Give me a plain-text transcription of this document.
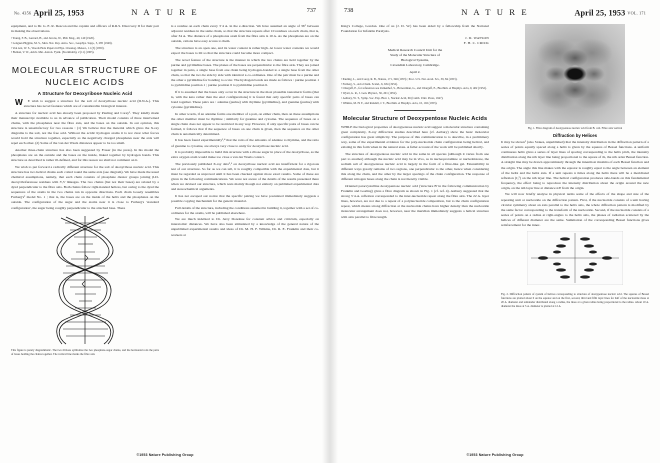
No. 4356 April 25, 1953	N A T U R E	737

equipment, and to Dr. G. E. R. Deacon and the captain and officers of R.R.S. Discovery II for their part in making the observations.

¹ Young, F. B., Gerrard, H., and Jevons, W., Phil. Mag., 40, 149 (1920).

² Longuet-Higgins, M. S., Mon. Not. Roy. Astro. Soc., Geophys. Supp., 5, 285 (1949).

³ Von Arx, W. S., Woods Hole Papers in Phys. Oceanog. Meteor., 11 (3) (1950).

⁴ Ekman, V. W., Arkiv. Mat. Astron. Fysik. (Stockholm), 2 (11) (1905).

MOLECULAR STRUCTURE OF NUCLEIC ACIDS
A Structure for Deoxyribose Nucleic Acid

W E wish to suggest a structure for the salt of deoxyribose nucleic acid (D.N.A.). This structure has novel features which are of considerable biological interest.

A structure for nucleic acid has already been proposed by Pauling and Corey¹. They kindly made their manuscript available to us in advance of publication. Their model consists of three intertwined chains, with the phosphates near the fibre axis, and the bases on the outside. In our opinion, this structure is unsatisfactory for two reasons : (1) We believe that the material which gives the X-ray diagrams is the salt, not the free acid. Without the acidic hydrogen atoms it is not clear what forces would hold the structure together, especially as the negatively charged phosphates near the axis will repel each other. (2) Some of the van der Waals distances appear to be too small.

Another three-chain structure has also been suggested by Fraser (in the press). In his model the phosphates are on the outside and the bases on the inside, linked together by hydrogen bonds. This structure as described is rather ill-defined, and for this reason we shall not comment on it.

We wish to put forward a radically different structure for the salt of deoxyribose nucleic acid. This structure has two helical chains each coiled round the same axis (see diagram). We have made the usual chemical assumptions, namely, that each chain consists of phosphate diester groups joining β-D-deoxyribofuranose residues with 3',5' linkages. The two chains (but not their bases) are related by a dyad perpendicular to the fibre axis. Both chains follow right-handed helices, but owing to the dyad the sequences of the atoms in the two chains run in opposite directions. Each chain loosely resembles Furberg's² model No. 1 ; that is, the bases are on the inside of the helix and the phosphates on the outside. The configuration of the sugar and the atoms near it is close to Furberg's 'standard configuration', the sugar being roughly perpendicular to the attached base. There

This figure is purely diagrammatic. The two ribbons symbolize the two phosphate-sugar chains, and the horizontal rods the pairs of bases holding the chains together. The vertical line marks the fibre axis

is a residue on each chain every 3·4 A. in the z-direction. We have assumed an angle of 36° between adjacent residues in the same chain, so that the structure repeats after 10 residues on each chain, that is, after 34 A. The distance of a phosphorus atom from the fibre axis is 10 A. As the phosphates are on the outside, cations have easy access to them.

The structure is an open one, and its water content is rather high. At lower water contents we would expect the bases to tilt so that the structure could become more compact.

The novel feature of the structure is the manner in which the two chains are held together by the purine and pyrimidine bases. The planes of the bases are perpendicular to the fibre axis. They are joined together in pairs, a single base from one chain being hydrogen-bonded to a single base from the other chain, so that the two lie side by side with identical z-co-ordinates. One of the pair must be a purine and the other a pyrimidine for bonding to occur. The hydrogen bonds are made as follows : purine position 1 to pyrimidine position 1 ; purine position 6 to pyrimidine position 6.

If it is assumed that the bases only occur in the structure in the most plausible tautomeric forms (that is, with the keto rather than the enol configurations) it is found that only specific pairs of bases can bond together. These pairs are : adenine (purine) with thymine (pyrimidine), and guanine (purine) with cytosine (pyrimidine).

In other words, if an adenine forms one member of a pair, on either chain, then on these assumptions the other member must be thymine ; similarly for guanine and cytosine. The sequence of bases on a single chain does not appear to be restricted in any way. However, if only specific pairs of bases can be formed, it follows that if the sequence of bases on one chain is given, then the sequence on the other chain is automatically determined.

It has been found experimentally³,⁴ that the ratio of the amounts of adenine to thymine, and the ratio of guanine to cytosine, are always very close to unity for deoxyribose nucleic acid.

It is probably impossible to build this structure with a ribose sugar in place of the deoxyribose, as the extra oxygen atom would make too close a van der Waals contact.

The previously published X-ray data⁵,⁶ on deoxyribose nucleic acid are insufficient for a rigorous test of our structure. So far as we can tell, it is roughly compatible with the experimental data, but it must be regarded as unproved until it has been checked against more exact results. Some of these are given in the following communications. We were not aware of the details of the results presented there when we devised our structure, which rests mainly though not entirely on published experimental data and stereochemical arguments.

It has not escaped our notice that the specific pairing we have postulated immediately suggests a possible copying mechanism for the genetic material.

Full details of the structure, including the conditions assumed in building it, together with a set of co-ordinates for the atoms, will be published elsewhere.

We are much indebted to Dr. Jerry Donohue for constant advice and criticism, especially on interatomic distances. We have also been stimulated by a knowledge of the general nature of the unpublished experimental results and ideas of Dr. M. H. F. Wilkins, Dr. R. E. Franklin and their co-workers at

©1953 Nature Publishing Group
738	N A T U R E	April 25, 1953 VOL. 171

King's College, London. One of us (J. D. W.) has been aided by a fellowship from the National Foundation for Infantile Paralysis.

J. D. WATSON
F. H. C. CRICK
Medical Research Council Unit for the
Study of the Molecular Structure of
Biological Systems,
Cavendish Laboratory, Cambridge.
April 2.

¹ Pauling, L., and Corey, R. B., Nature, 171, 346 (1953) ; Proc. U.S. Nat. Acad. Sci., 39, 84 (1953).

² Furberg, S., Acta Chem. Scand., 6, 634 (1952).

³ Chargaff, E., for references see Zamenhof, S., Brawerman, G., and Chargaff, E., Biochim. et Biophys. Acta, 9, 402 (1952).

⁴ Wyatt, G. R., J. Gen. Physiol., 36, 201 (1952).

⁵ Astbury, W. T., Symp. Soc. Exp. Biol. 1, Nucleic Acid, 66 (Camb. Univ. Press, 1947).

⁶ Wilkins, M. H. F., and Randall, J. T., Biochim. et Biophys. Acta, 10, 192 (1953).

Molecular Structure of Deoxypentose Nucleic Acids

WHILE the biological properties of deoxypentose nucleic acid suggest a molecular structure containing great complexity, X-ray diffraction studies described here (cf. Astbury) show the basic molecular configuration has great simplicity. The purpose of this communication is to describe, in a preliminary way, some of the experimental evidence for the poly-nucleotide chain configuration being helical, and existing in this form when in the natural state. A fuller account of the work will be published shortly.

The structure of deoxypentose nucleic acid in the same in all species (although it varies from one part to another) although the nucleic acid may be in vivo, as in nucleoprotamine or nucleohistone, the sodium salt of deoxypentose nucleic acid is largely in the form of a fibre-like gel. Extensibility in different ways greatly remains of two regions, one perpendicular to the other, hence when considering this along the chain, and the other by the larger spacings of the chain configuration. The response of different nitrogen bases along the chain is not thereby visible.

Oriented paracrystalline deoxypentose nucleic acid ('structure B' in the following communication by Franklin and Gosling) gives a fibre diagram as shown in Fig. 1 (cf. ref. 4). Astbury suggested that the strong 3·4-A. reflexion corresponded to the inter-nucleotide repeat along the fibre axis. The 22 A. layer lines, however, are not due to a repeat of a polynucleotide composition, but to the chain configuration repeat, which means strong diffraction at the nucleotide chains have higher density than the nucleotide molecular arrangement does not, however, near the meridian immediately suggests a helical structure with axis parallel to fibre length.

Fig. 1. Fibre diagram of deoxypentose nucleic acid from B. coli. Fibre axis vertical
Diffraction by Helices

It may be shown² (also Stokes, unpublished) that the intensity distribution in the diffraction pattern of a series of points equally spaced along a helix is given by the squares of Bessel functions. A uniform continuous helix gives a series of layer lines of spacing corresponding to the helix pitch, the intensity distribution along the nth layer line being proportional to the square of Jn, the nth order Bessel function. A straight line may be drawn approximately through the innermost maxima of each Bessel function and the origin. The angle this line makes with the equator is roughly equal to the angle between an element of the helix and the helix axis. If a unit repeats n times along the helix there will be a meridional reflexion (J₀²) on the nth layer line. The helical configuration produces side-bands on this fundamental frequency, the effect being to reproduce the intensity distribution about the origin around the new origin, on the nth layer line at distance n/P from the origin.

We will now briefly analyse in physical terms some of the effects of the shape and size of the repeating unit or nucleotide on the diffraction pattern. First, if the nucleotide consists of a unit having circular symmetry about an axis parallel to the helix axis, the whole diffraction pattern is modified by the same factor corresponding to the transform of the nucleotide. Second, if the nucleotide consists of a series of points on a radius at right-angles to the helix axis, the phases of radiation scattered by the helices of different diameter are the same. Summation of the corresponding Bessel functions gives reinforcement for the inner-

Fig. 2. Diffraction pattern of system of helices corresponding to structure of deoxypentose nucleic acid. The squares of Bessel functions are plotted about 0 on the equator and on the first, second, third and fifth layer lines for half of the nucleotide mass at 20 A. diameter and remainder distributed along a radius, the mass at a given radius being proportional to the radius. About 10 A. diameter the mass at 5 A. diameter is plotted at 12 A.
©1953 Nature Publishing Group
